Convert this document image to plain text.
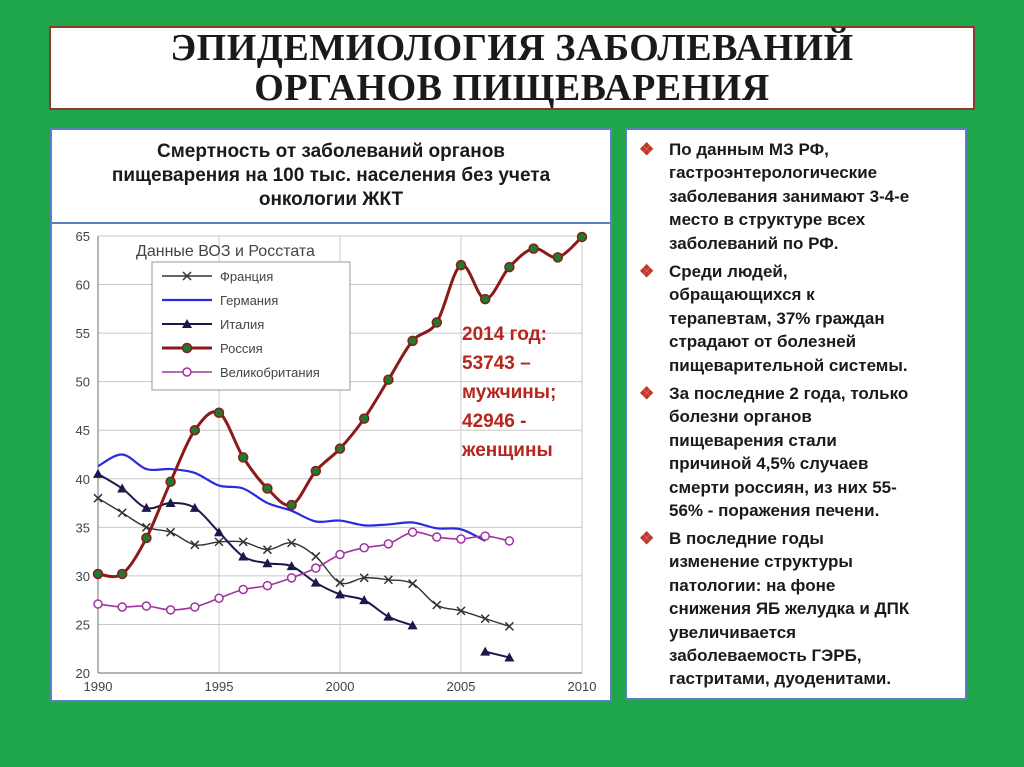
ЭПИДЕМИОЛОГИЯ ЗАБОЛЕВАНИЙ
ОРГАНОВ ПИЩЕВАРЕНИЯ
Смертность от заболеваний органов
пищеварения на 100 тыс. населения без учета
онкологии ЖКТ
20
25
30
35
40
45
50
55
60
65
1990	1995	2000	2005	2010
Данные ВОЗ и Росстата
Франция
Германия
Италия
Россия
Великобритания
2014 год:
53743 –
мужчины;
42946 -
женщины
❖ По данным МЗ РФ,
гастроэнтерологические
заболевания занимают 3-4-е
место в структуре всех
заболеваний по РФ.
❖ Среди людей,
обращающихся к
терапевтам, 37% граждан
страдают от болезней
пищеварительной системы.
❖ За последние 2 года, только
болезни органов
пищеварения стали
причиной 4,5% случаев
смерти россиян, из них 55-
56% - поражения печени.
❖ В последние годы
изменение структуры
патологии: на фоне
снижения ЯБ желудка и ДПК
увеличивается
заболеваемость ГЭРБ,
гастритами, дуоденитами.
